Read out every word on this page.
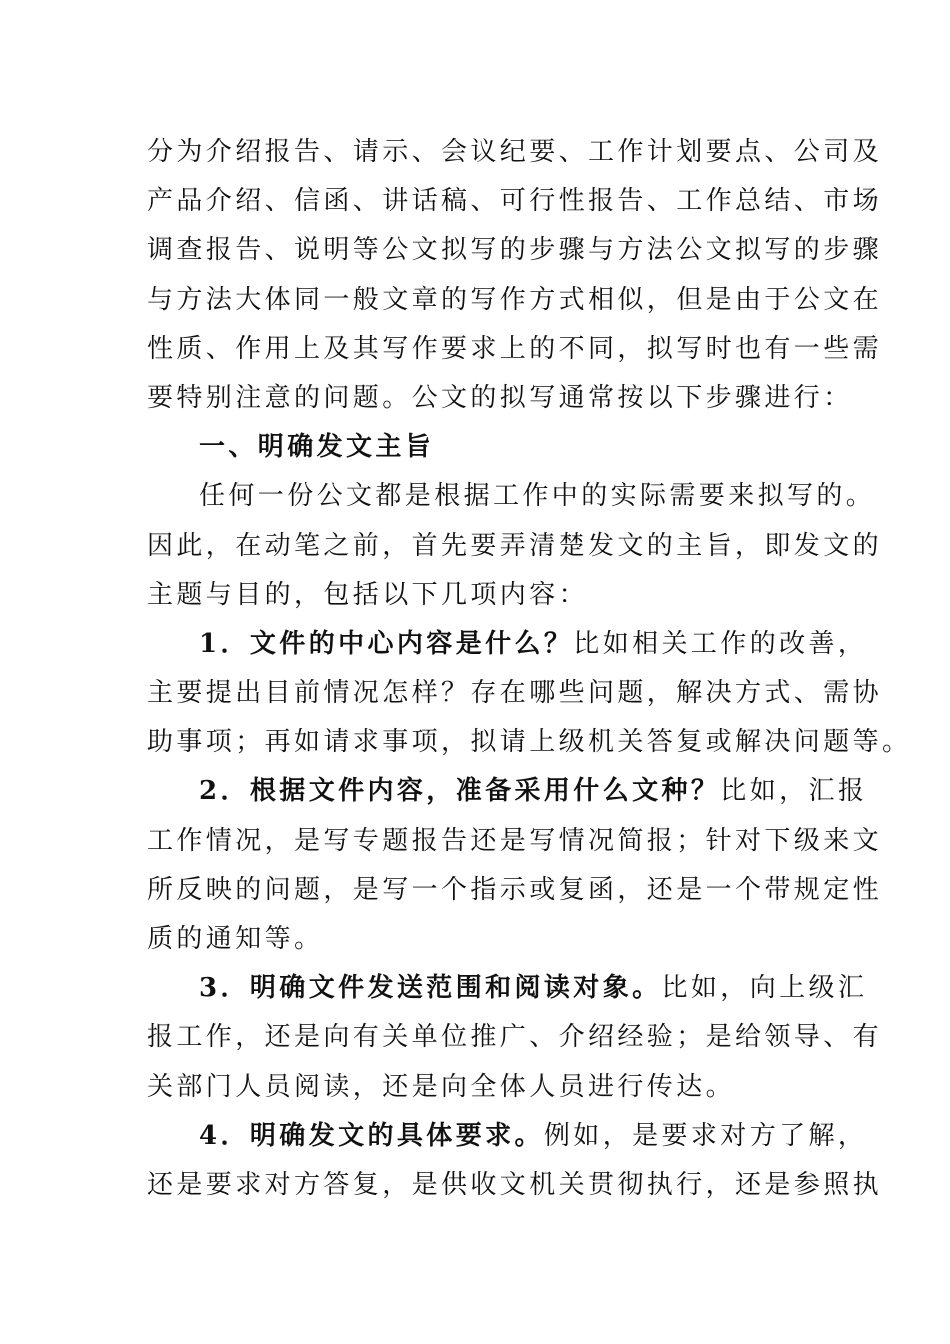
分为介绍报告、请示、会议纪要、工作计划要点、公司及
产品介绍、信函、讲话稿、可行性报告、工作总结、市场
调查报告、说明等公文拟写的步骤与方法公文拟写的步骤
与方法大体同一般文章的写作方式相似，但是由于公文在
性质、作用上及其写作要求上的不同，拟写时也有一些需
要特别注意的问题。公文的拟写通常按以下步骤进行：
一、明确发文主旨
任何一份公文都是根据工作中的实际需要来拟写的。
因此，在动笔之前，首先要弄清楚发文的主旨，即发文的
主题与目的，包括以下几项内容：
1．文件的中心内容是什么？比如相关工作的改善，
主要提出目前情况怎样？存在哪些问题，解决方式、需协
助事项；再如请求事项，拟请上级机关答复或解决问题等。
2．根据文件内容，准备采用什么文种？比如，汇报
工作情况，是写专题报告还是写情况简报；针对下级来文
所反映的问题，是写一个指示或复函，还是一个带规定性
质的通知等。
3．明确文件发送范围和阅读对象。比如，向上级汇
报工作，还是向有关单位推广、介绍经验；是给领导、有
关部门人员阅读，还是向全体人员进行传达。
4．明确发文的具体要求。例如，是要求对方了解，
还是要求对方答复，是供收文机关贯彻执行，还是参照执
